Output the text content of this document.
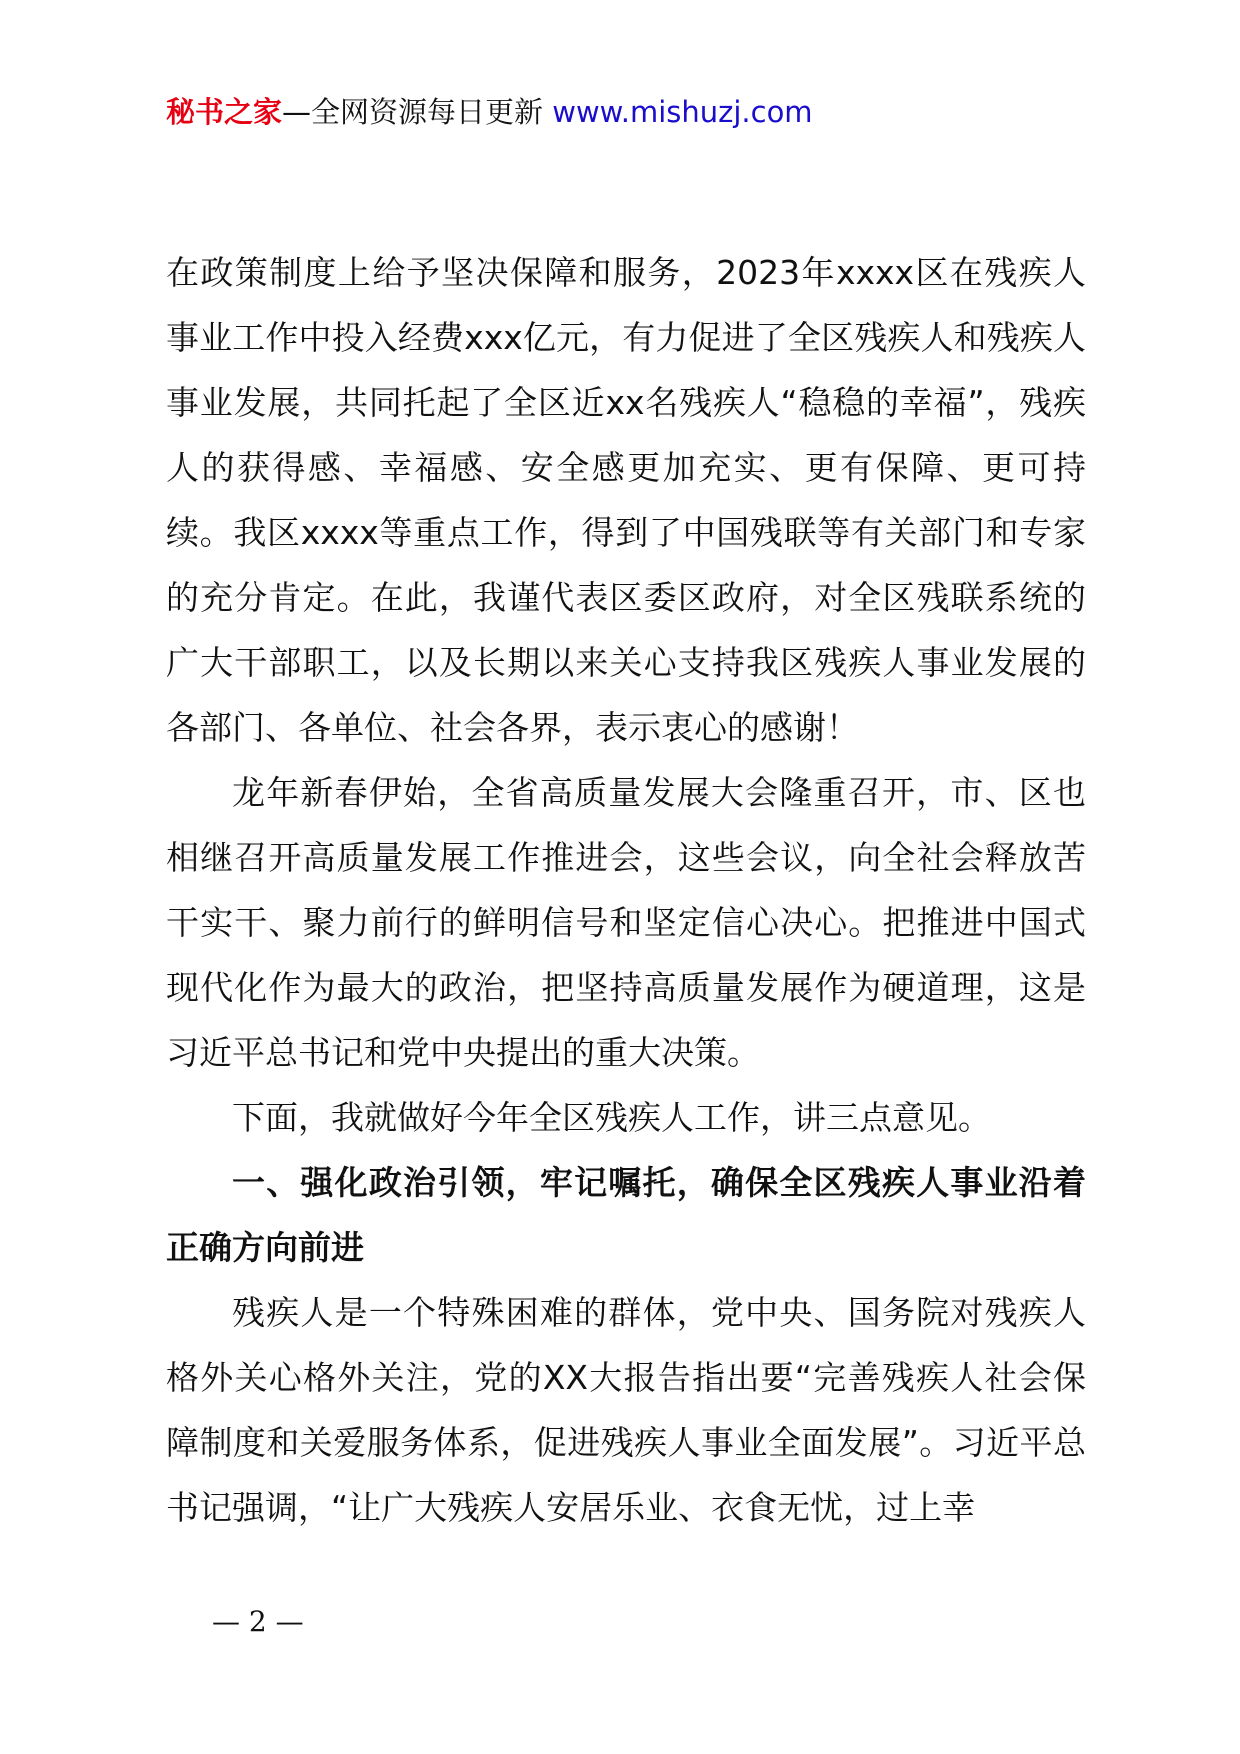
秘书之家—全网资源每日更新 www.mishuzj.com

在政策制度上给予坚决保障和服务，2023年xxxx区在残疾人事业工作中投入经费xxx亿元，有力促进了全区残疾人和残疾人事业发展，共同托起了全区近xx名残疾人“稳稳的幸福”，残疾人的获得感、幸福感、安全感更加充实、更有保障、更可持续。我区xxxx等重点工作，得到了中国残联等有关部门和专家的充分肯定。在此，我谨代表区委区政府，对全区残联系统的广大干部职工，以及长期以来关心支持我区残疾人事业发展的各部门、各单位、社会各界，表示衷心的感谢！

龙年新春伊始，全省高质量发展大会隆重召开，市、区也相继召开高质量发展工作推进会，这些会议，向全社会释放苦干实干、聚力前行的鲜明信号和坚定信心决心。把推进中国式现代化作为最大的政治，把坚持高质量发展作为硬道理，这是习近平总书记和党中央提出的重大决策。

下面，我就做好今年全区残疾人工作，讲三点意见。

一、强化政治引领，牢记嘱托，确保全区残疾人事业沿着正确方向前进

残疾人是一个特殊困难的群体，党中央、国务院对残疾人格外关心格外关注，党的XX大报告指出要“完善残疾人社会保障制度和关爱服务体系，促进残疾人事业全面发展”。习近平总书记强调，“让广大残疾人安居乐业、衣食无忧，过上幸

— 2 —
